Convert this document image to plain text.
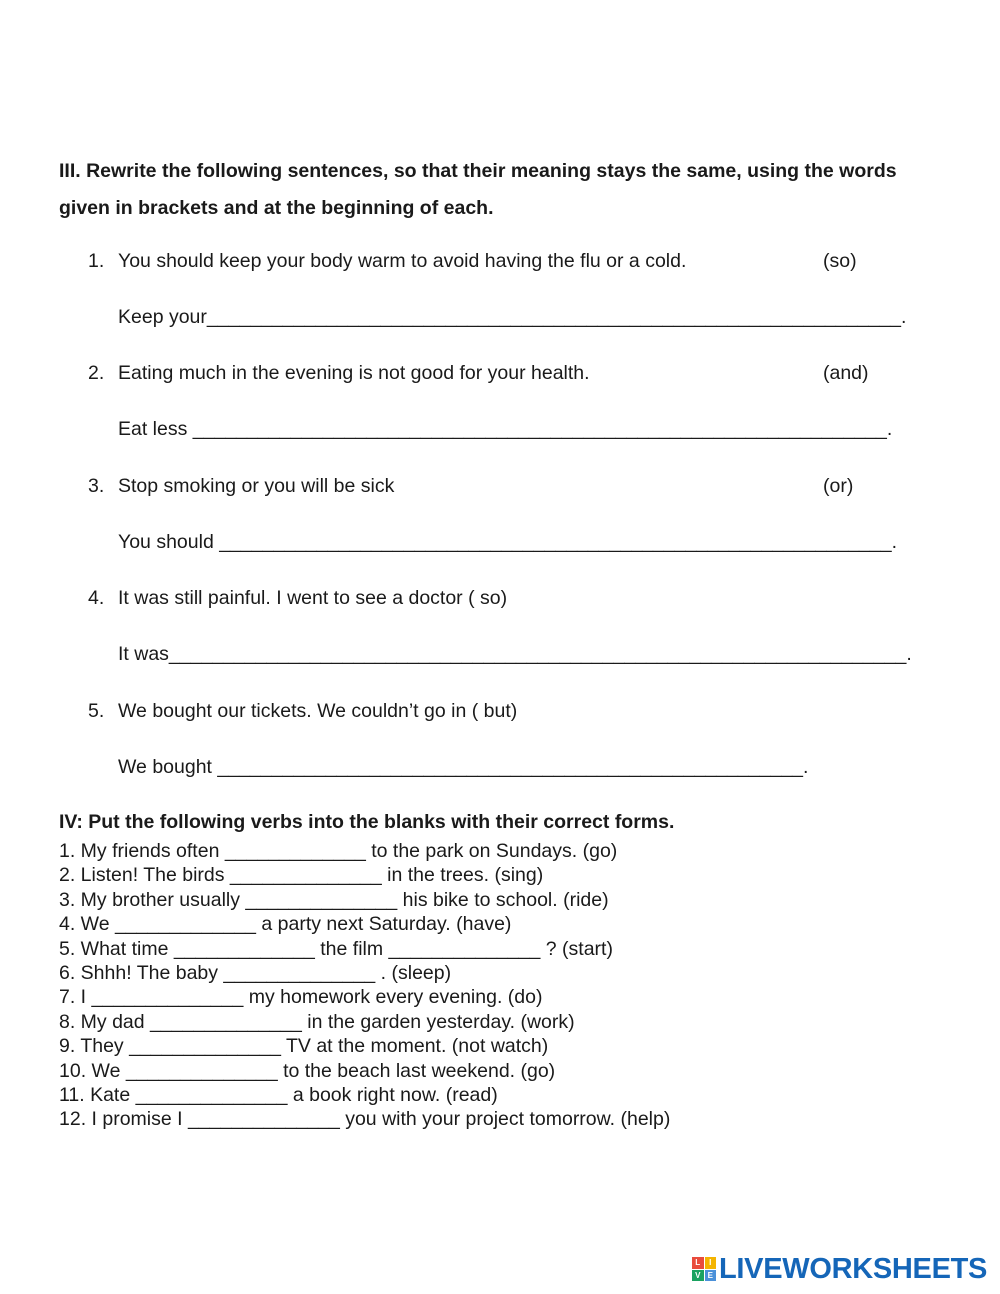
III. Rewrite the following sentences, so that their meaning stays the same, using the words given in brackets and at the beginning of each.
1. You should keep your body warm to avoid having the flu or a cold.	(so)
Keep your________________________________________________________________.
2. Eating much in the evening is not good for your health.	(and)
Eat less ________________________________________________________________.
3. Stop smoking or you will be sick	(or)
You should ______________________________________________________________.
4. It was still painful. I went to see a doctor ( so)
It was____________________________________________________________________.
5. We bought our tickets. We couldn’t go in ( but)
We bought ______________________________________________________.
IV: Put the following verbs into the blanks with their correct forms.
1. My friends often _____________ to the park on Sundays. (go)
2. Listen! The birds ______________ in the trees. (sing)
3. My brother usually ______________ his bike to school. (ride)
4. We _____________ a party next Saturday. (have)
5. What time _____________ the film ______________ ? (start)
6. Shhh! The baby ______________ . (sleep)
7. I ______________ my homework every evening. (do)
8. My dad ______________ in the garden yesterday. (work)
9. They ______________ TV at the moment. (not watch)
10. We ______________ to the beach last weekend. (go)
11. Kate ______________ a book right now. (read)
12. I promise I ______________ you with your project tomorrow. (help)
L	I
V E LIVEWORKSHEETS
